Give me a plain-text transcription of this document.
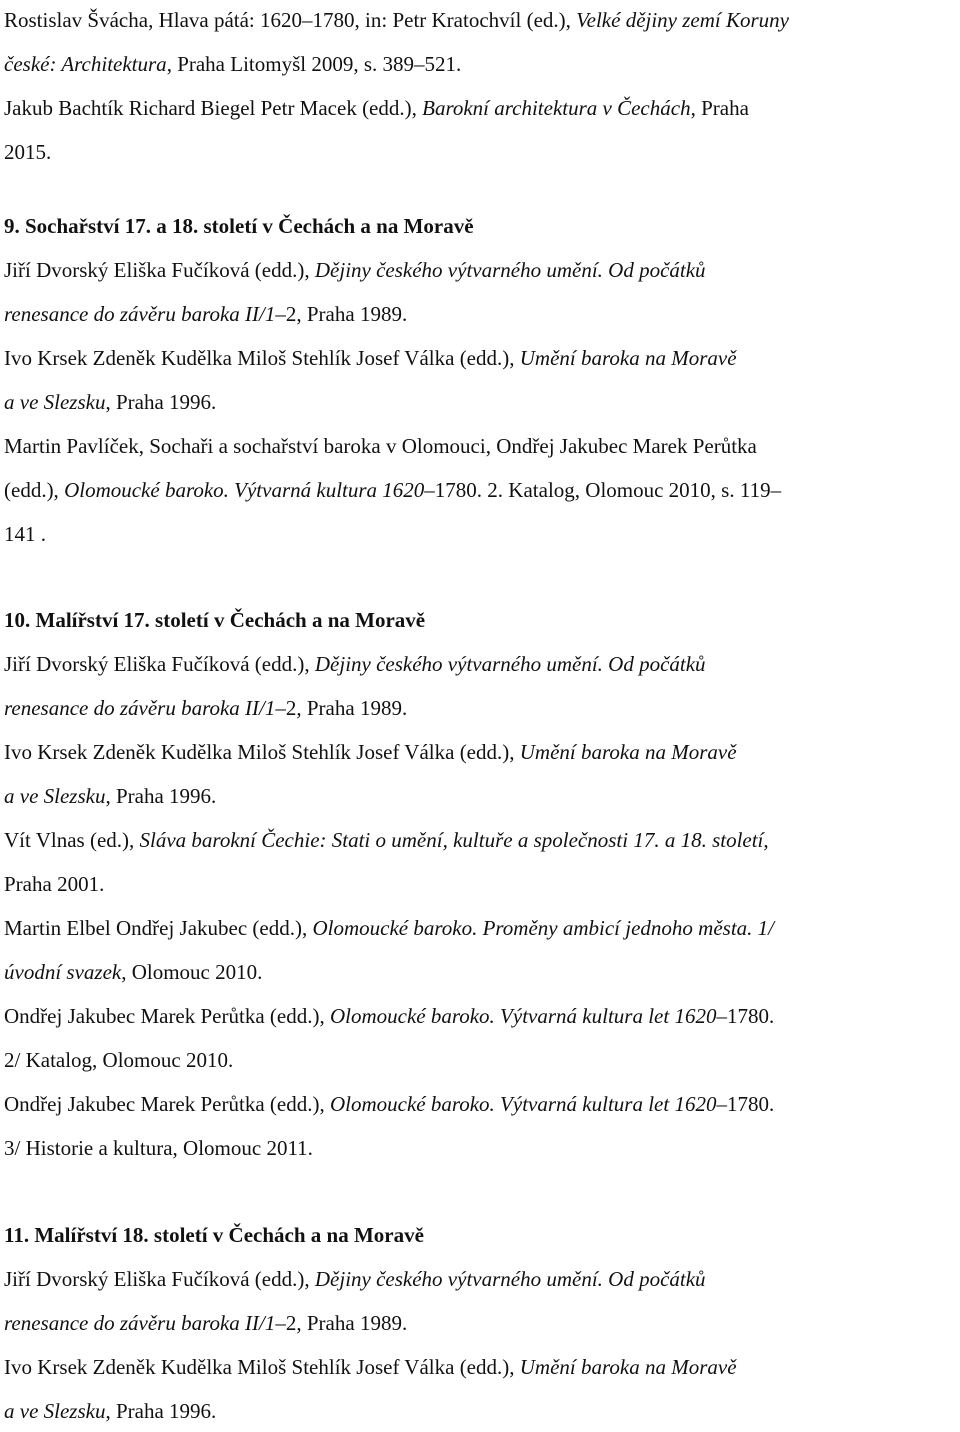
Rostislav Švácha, Hlava pátá: 1620–1780, in: Petr Kratochvíl (ed.), Velké dějiny zemí Koruny
české: Architektura, Praha Litomyšl 2009, s. 389–521.
Jakub Bachtík Richard Biegel Petr Macek (edd.), Barokní architektura v Čechách, Praha
2015.
9. Sochařství 17. a 18. století v Čechách a na Moravě
Jiří Dvorský Eliška Fučíková (edd.), Dějiny českého výtvarného umění. Od počátků
renesance do závěru baroka II/1–2, Praha 1989.
Ivo Krsek Zdeněk Kudělka Miloš Stehlík Josef Válka (edd.), Umění baroka na Moravě
a ve Slezsku, Praha 1996.
Martin Pavlíček, Sochaři a sochařství baroka v Olomouci, Ondřej Jakubec Marek Perůtka
(edd.), Olomoucké baroko. Výtvarná kultura 1620–1780. 2. Katalog, Olomouc 2010, s. 119–
141 .
10. Malířství 17. století v Čechách a na Moravě
Jiří Dvorský Eliška Fučíková (edd.), Dějiny českého výtvarného umění. Od počátků
renesance do závěru baroka II/1–2, Praha 1989.
Ivo Krsek Zdeněk Kudělka Miloš Stehlík Josef Válka (edd.), Umění baroka na Moravě
a ve Slezsku, Praha 1996.
Vít Vlnas (ed.), Sláva barokní Čechie: Stati o umění, kultuře a společnosti 17. a 18. století,
Praha 2001.
Martin Elbel Ondřej Jakubec (edd.), Olomoucké baroko. Proměny ambicí jednoho města. 1/
úvodní svazek, Olomouc 2010.
Ondřej Jakubec Marek Perůtka (edd.), Olomoucké baroko. Výtvarná kultura let 1620–1780.
2/ Katalog, Olomouc 2010.
Ondřej Jakubec Marek Perůtka (edd.), Olomoucké baroko. Výtvarná kultura let 1620–1780.
3/ Historie a kultura, Olomouc 2011.
11. Malířství 18. století v Čechách a na Moravě
Jiří Dvorský Eliška Fučíková (edd.), Dějiny českého výtvarného umění. Od počátků
renesance do závěru baroka II/1–2, Praha 1989.
Ivo Krsek Zdeněk Kudělka Miloš Stehlík Josef Válka (edd.), Umění baroka na Moravě
a ve Slezsku, Praha 1996.
